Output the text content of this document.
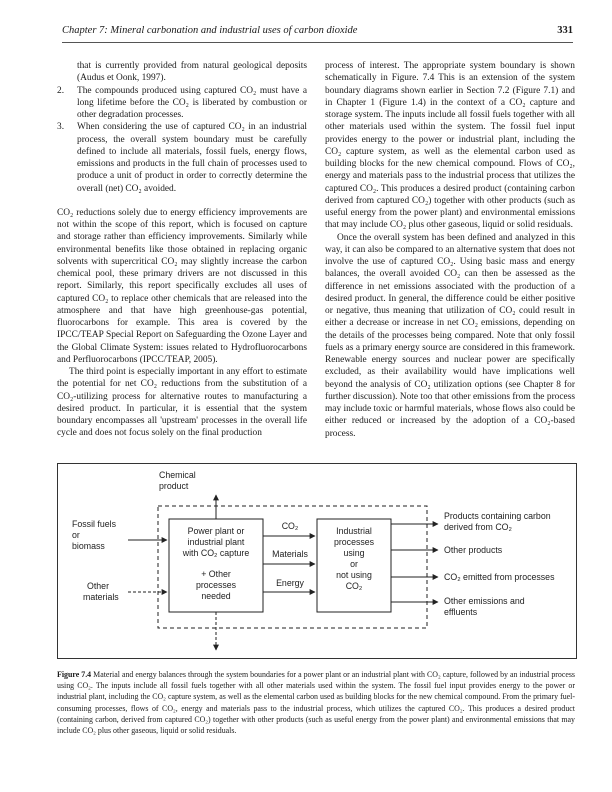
Chapter 7: Mineral carbonation and industrial uses of carbon dioxide	331

that is currently provided from natural geological deposits (Audus et Oonk, 1997).

2. The compounds produced using captured CO₂ must have a long lifetime before the CO₂ is liberated by combustion or other degradation processes.
3. When considering the use of captured CO₂ in an industrial process, the overall system boundary must be carefully defined to include all materials, fossil fuels, energy flows, emissions and products in the full chain of processes used to produce a unit of product in order to correctly determine the overall (net) CO₂ avoided.

CO₂ reductions solely due to energy efficiency improvements are not within the scope of this report, which is focused on capture and storage rather than efficiency improvements. Similarly while environmental benefits like those obtained in replacing organic solvents with supercritical CO₂ may slightly increase the carbon chemical pool, these primary drivers are not discussed in this report. Similarly, this report specifically excludes all uses of captured CO₂ to replace other chemicals that are released into the atmosphere and that have high greenhouse-gas potential, fluorocarbons for example. This area is covered by the IPCC/TEAP Special Report on Safeguarding the Ozone Layer and the Global Climate System: issues related to Hydrofluorocarbons and Perfluorocarbons (IPCC/TEAP, 2005).

The third point is especially important in any effort to estimate the potential for net CO₂ reductions from the substitution of a CO₂-utilizing process for alternative routes to manufacturing a desired product. In particular, it is essential that the system boundary encompasses all 'upstream' processes in the overall life cycle and does not focus solely on the final production

process of interest. The appropriate system boundary is shown schematically in Figure. 7.4 This is an extension of the system boundary diagrams shown earlier in Section 7.2 (Figure 7.1) and in Chapter 1 (Figure 1.4) in the context of a CO₂ capture and storage system. The inputs include all fossil fuels together with all other materials used within the system. The fossil fuel input provides energy to the power or industrial plant, including the CO₂ capture system, as well as the elemental carbon used as building blocks for the new chemical compound. Flows of CO₂, energy and materials pass to the industrial process that utilizes the captured CO₂. This produces a desired product (containing carbon derived from captured CO₂) together with other products (such as useful energy from the power plant) and environmental emissions that may include CO₂ plus other gaseous, liquid or solid residuals.

Once the overall system has been defined and analyzed in this way, it can also be compared to an alternative system that does not involve the use of captured CO₂. Using basic mass and energy balances, the overall avoided CO₂ can then be assessed as the difference in net emissions associated with the production of a desired product. In general, the difference could be either positive or negative, thus meaning that utilization of CO₂ could result in either a decrease or increase in net CO₂ emissions, depending on the details of the processes being compared. Note that only fossil fuels as a primary energy source are considered in this framework. Renewable energy sources and nuclear power are specifically excluded, as their availability would have implications well beyond the analysis of CO₂ utilization options (see Chapter 8 for further discussion). Note too that other emissions from the process may include toxic or harmful materials, whose flows also could be either reduced or increased by the adoption of a CO₂-based process.

Chemical product
Fossil fuels or biomass
Other materials
Power plant or industrial plant with CO₂ capture
+ Other processes needed
CO₂
Materials
Energy
Industrial processes using or not using CO₂
Products containing carbon derived from CO₂
Other products
CO₂ emitted from processes
Other emissions and effluents
Figure 7.4 Material and energy balances through the system boundaries for a power plant or an industrial plant with CO₂ capture, followed by an industrial process using CO₂. The inputs include all fossil fuels together with all other materials used within the system. The fossil fuel input provides energy to the power or industrial plant, including the CO₂ capture system, as well as the elemental carbon used as building blocks for the new chemical compound. From the primary fuel-consuming processes, flows of CO₂, energy and materials pass to the industrial process, which utilizes the captured CO₂. This produces a desired product (containing carbon, derived from captured CO₂) together with other products (such as useful energy from the power plant) and environmental emissions that may include CO₂ plus other gaseous, liquid or solid residuals.
